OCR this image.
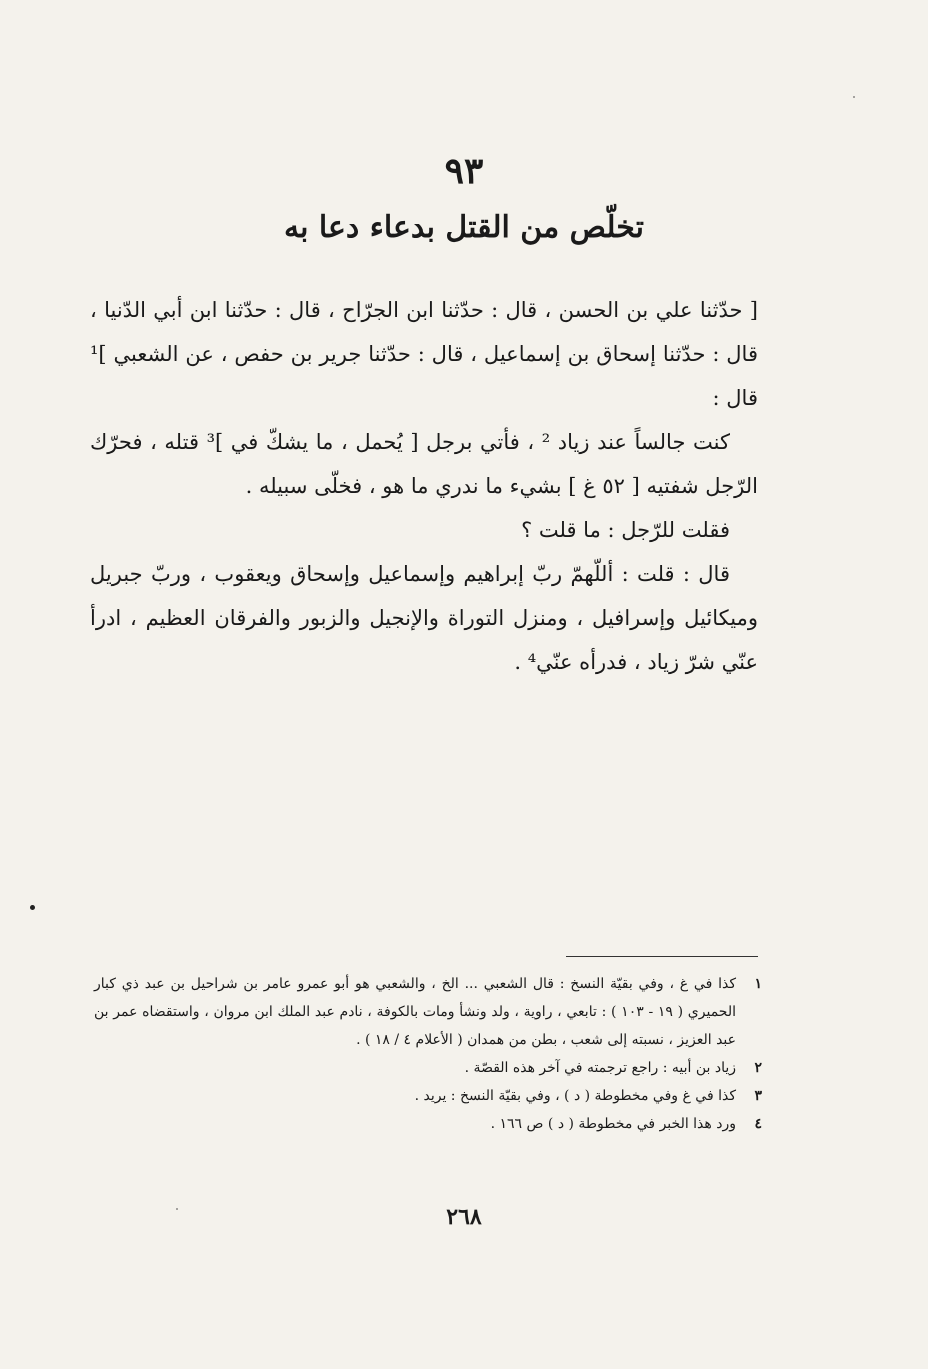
٩٣
تخلّص من القتل بدعاء دعا به

[ حدّثنا علي بن الحسن ، قال : حدّثنا ابن الجرّاح ، قال : حدّثنا ابن أبي الدّنيا ، قال : حدّثنا إسحاق بن إسماعيل ، قال : حدّثنا جرير بن حفص ، عن الشعبي ]¹ قال :

كنت جالساً عند زياد ² ، فأتي برجل [ يُحمل ، ما يشكّ في ]³ قتله ، فحرّك الرّجل شفتيه [ ٥٢ غ ] بشيء ما ندري ما هو ، فخلّى سبيله .

فقلت للرّجل : ما قلت ؟

قال : قلت : أللّهمّ ربّ إبراهيم وإسماعيل وإسحاق ويعقوب ، وربّ جبريل وميكائيل وإسرافيل ، ومنزل التوراة والإنجيل والزبور والفرقان العظيم ، ادرأ عنّي شرّ زياد ، فدرأه عنّي⁴ .

١
كذا في غ ، وفي بقيّة النسخ : قال الشعبي ... الخ ، والشعبي هو أبو عمرو عامر بن شراحيل بن عبد ذي كبار الحميري ( ١٩ - ١٠٣ ) : تابعي ، راوية ، ولد ونشأ ومات بالكوفة ، نادم عبد الملك ابن مروان ، واستقضاه عمر بن عبد العزيز ، نسبته إلى شعب ، بطن من همدان ( الأعلام ٤ / ١٨ ) .
٢
زياد بن أبيه : راجع ترجمته في آخر هذه القصّة .
٣
كذا في غ وفي مخطوطة ( د ) ، وفي بقيّة النسخ : يريد .
٤
ورد هذا الخبر في مخطوطة ( د ) ص ١٦٦ .
٢٦٨
